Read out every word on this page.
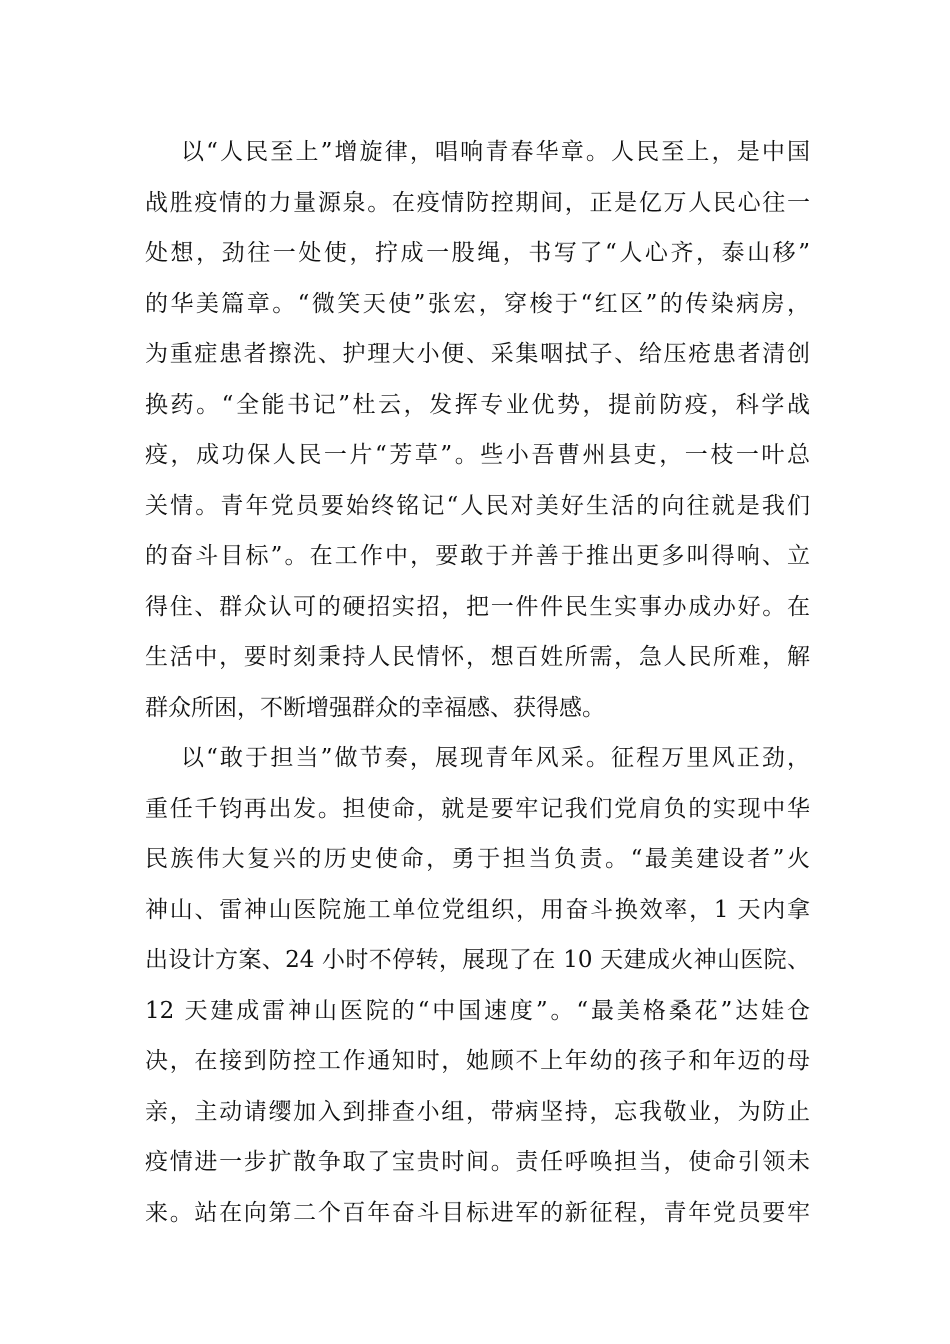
以“人民至上”增旋律，唱响青春华章。人民至上，是中国
战胜疫情的力量源泉。在疫情防控期间，正是亿万人民心往一
处想，劲往一处使，拧成一股绳，书写了“人心齐，泰山移”
的华美篇章。“微笑天使”张宏，穿梭于“红区”的传染病房，
为重症患者擦洗、护理大小便、采集咽拭子、给压疮患者清创
换药。“全能书记”杜云，发挥专业优势，提前防疫，科学战
疫，成功保人民一片“芳草”。些小吾曹州县吏，一枝一叶总
关情。青年党员要始终铭记“人民对美好生活的向往就是我们
的奋斗目标”。在工作中，要敢于并善于推出更多叫得响、立
得住、群众认可的硬招实招，把一件件民生实事办成办好。在
生活中，要时刻秉持人民情怀，想百姓所需，急人民所难，解
群众所困，不断增强群众的幸福感、获得感。
以“敢于担当”做节奏，展现青年风采。征程万里风正劲，
重任千钧再出发。担使命，就是要牢记我们党肩负的实现中华
民族伟大复兴的历史使命，勇于担当负责。“最美建设者”火
神山、雷神山医院施工单位党组织，用奋斗换效率，1 天内拿
出设计方案、24 小时不停转，展现了在 10 天建成火神山医院、
12 天建成雷神山医院的“中国速度”。“最美格桑花”达娃仓
决，在接到防控工作通知时，她顾不上年幼的孩子和年迈的母
亲，主动请缨加入到排查小组，带病坚持，忘我敬业，为防止
疫情进一步扩散争取了宝贵时间。责任呼唤担当，使命引领未
来。站在向第二个百年奋斗目标进军的新征程，青年党员要牢
